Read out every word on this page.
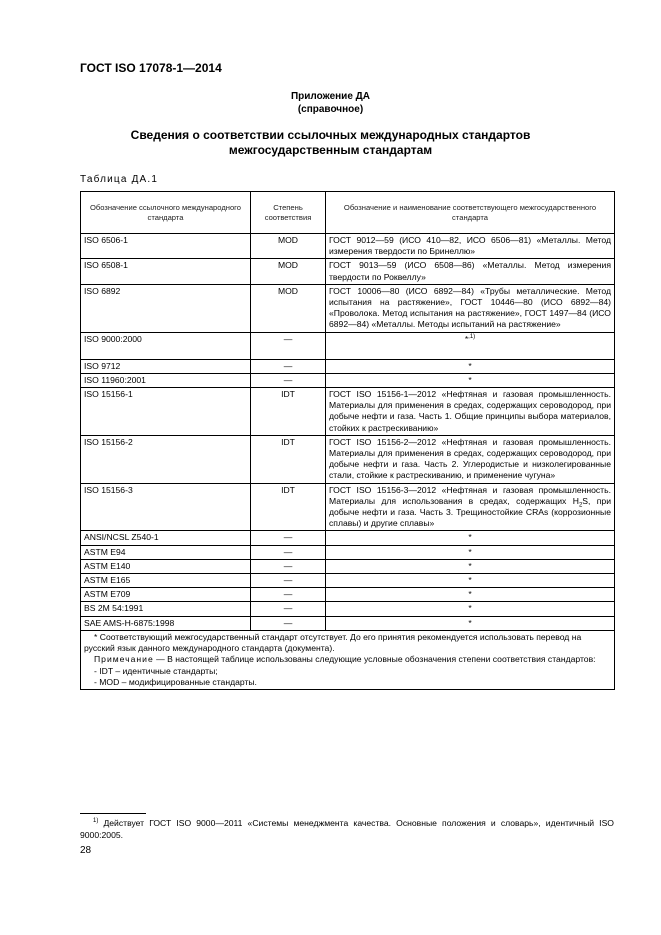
ГОСТ ISO 17078-1—2014
Приложение ДА
(справочное)
Сведения о соответствии ссылочных международных стандартов
межгосударственным стандартам
Таблица ДА.1
Обозначение ссылочного международного стандарта	Степень соответствия	Обозначение и наименование соответствующего межгосударственного стандарта
ISO 6506-1	MOD	ГОСТ 9012—59 (ИСО 410—82, ИСО 6506—81) «Металлы. Метод измерения твердости по Бринеллю»
ISO 6508-1	MOD	ГОСТ 9013—59 (ИСО 6508—86) «Металлы. Метод измерения твердости по Роквеллу»
ISO 6892	MOD	ГОСТ 10006—80 (ИСО 6892—84) «Трубы металлические. Метод испытания на растяжение», ГОСТ 10446—80 (ИСО 6892—84) «Проволока. Метод испытания на растяжение», ГОСТ 1497—84 (ИСО 6892—84) «Металлы. Методы испытаний на растяжение»
ISO 9000:2000	—	*$^{,1)}$
ISO 9712	—	*
ISO 11960:2001	—	*
ISO 15156-1	IDT	ГОСТ ISO 15156-1—2012 «Нефтяная и газовая промышленность. Материалы для применения в средах, содержащих сероводород, при добыче нефти и газа. Часть 1. Общие принципы выбора материалов, стойких к растрескиванию»
ISO 15156-2	IDT	ГОСТ ISO 15156-2—2012 «Нефтяная и газовая промышленность. Материалы для применения в средах, содержащих сероводород, при добыче нефти и газа. Часть 2. Углеродистые и низколегированные стали, стойкие к растрескиванию, и применение чугуна»
ISO 15156-3	IDT	ГОСТ ISO 15156-3—2012 «Нефтяная и газовая промышленность. Материалы для использования в средах, содержащих $H_2S$, при добыче нефти и газа. Часть 3. Трещиностойкие CRAs (коррозионные сплавы) и другие сплавы»
ANSI/NCSL Z540-1	—	*
ASTM E94	—	*
ASTM E140	—	*
ASTM E165	—	*
ASTM E709	—	*
BS 2M 54:1991	—	*
SAE AMS-H-6875:1998	—	*

* Соответствующий межгосударственный стандарт отсутствует. До его принятия рекомендуется использовать перевод на русский язык данного международного стандарта (документа).

Примечание — В настоящей таблице использованы следующие условные обозначения степени соответствия стандартов:

- IDT – идентичные стандарты;

- MOD – модифицированные стандарты.		

$^{1)}$ Действует ГОСТ ISO 9000—2011 «Системы менеджмента качества. Основные положения и словарь», идентичный ISO 9000:2005.
28
